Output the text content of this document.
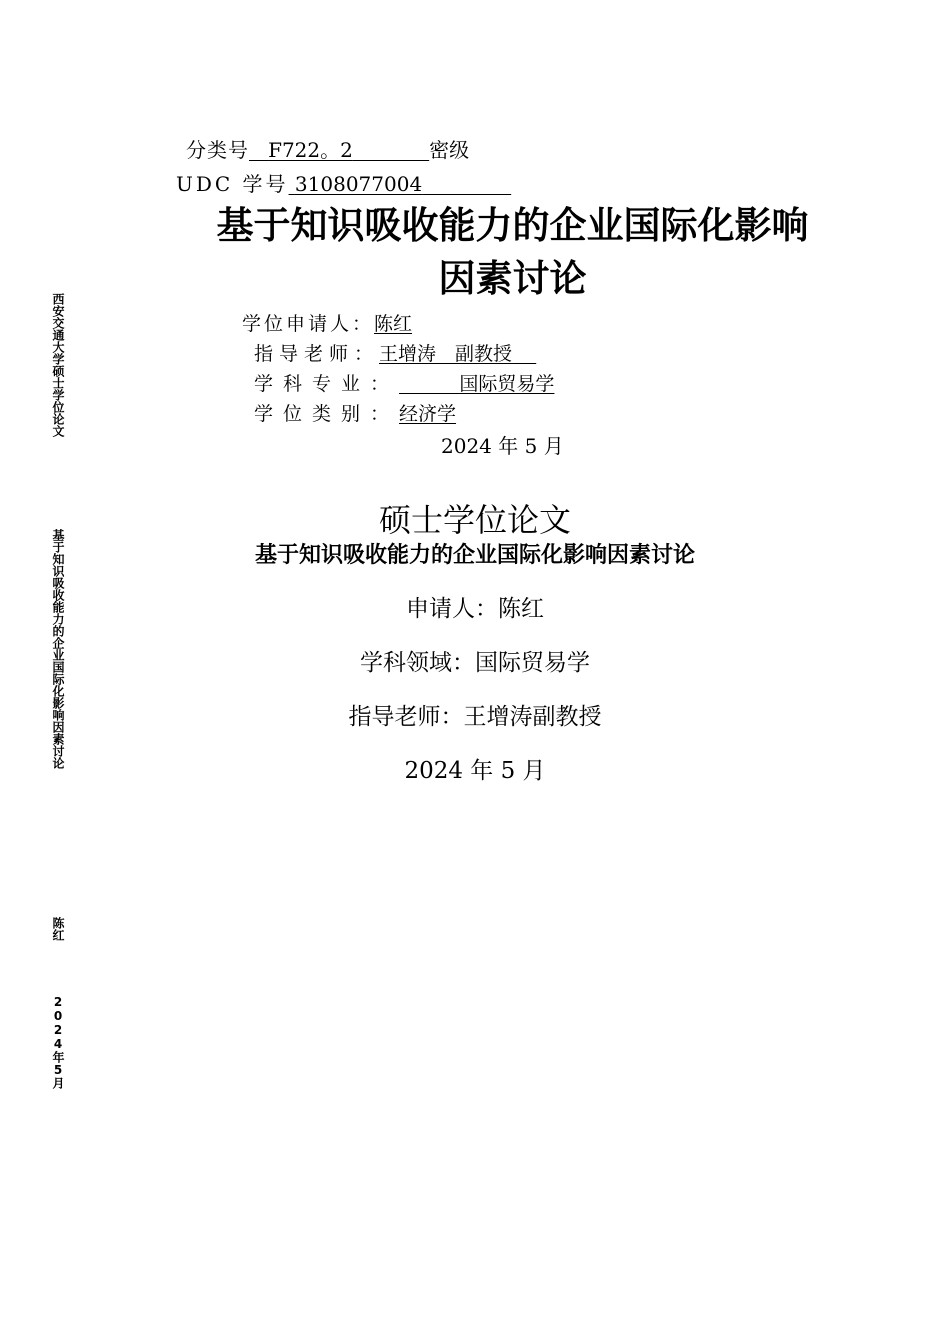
分类号 F722。2	密级
UDC 学号 3108077004
基于知识吸收能力的企业国际化影响
因素讨论
学位申请人：陈红
指导老师：王增涛　副教授
学科专业：	国际贸易学
学位类别：经济学
2024 年 5 月
硕士学位论文
基于知识吸收能力的企业国际化影响因素讨论
申请人：陈红
学科领域：国际贸易学
指导老师：王增涛副教授
2024 年 5 月
西安交通大学硕士学位论文
基于知识吸收能力的企业国际化影响因素讨论
陈红
2024年5月
